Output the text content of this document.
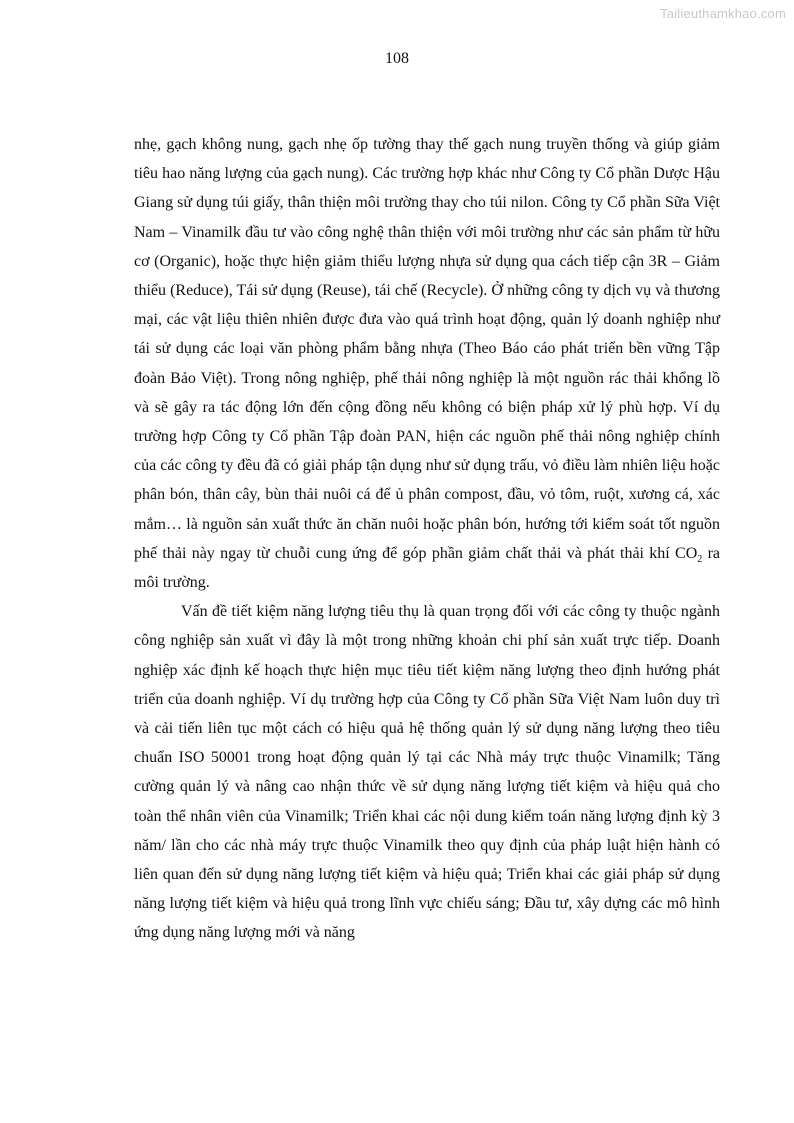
Tailieuthamkhao.com
108

nhẹ, gạch không nung, gạch nhẹ ốp tường thay thế gạch nung truyền thống và giúp giảm tiêu hao năng lượng của gạch nung). Các trường hợp khác như Công ty Cổ phần Dược Hậu Giang sử dụng túi giấy, thân thiện môi trường thay cho túi nilon. Công ty Cổ phần Sữa Việt Nam – Vinamilk đầu tư vào công nghệ thân thiện với môi trường như các sản phẩm từ hữu cơ (Organic), hoặc thực hiện giảm thiểu lượng nhựa sử dụng qua cách tiếp cận 3R – Giảm thiểu (Reduce), Tái sử dụng (Reuse), tái chế (Recycle). Ở những công ty dịch vụ và thương mại, các vật liệu thiên nhiên được đưa vào quá trình hoạt động, quản lý doanh nghiệp như tái sử dụng các loại văn phòng phẩm bằng nhựa (Theo Báo cáo phát triển bền vững Tập đoàn Bảo Việt). Trong nông nghiệp, phế thải nông nghiệp là một nguồn rác thải khổng lồ và sẽ gây ra tác động lớn đến cộng đồng nếu không có biện pháp xử lý phù hợp. Ví dụ trường hợp Công ty Cổ phần Tập đoàn PAN, hiện các nguồn phế thải nông nghiệp chính của các công ty đều đã có giải pháp tận dụng như sử dụng trấu, vỏ điều làm nhiên liệu hoặc phân bón, thân cây, bùn thải nuôi cá để ủ phân compost, đầu, vỏ tôm, ruột, xương cá, xác mắm… là nguồn sản xuất thức ăn chăn nuôi hoặc phân bón, hướng tới kiểm soát tốt nguồn phế thải này ngay từ chuỗi cung ứng để góp phần giảm chất thải và phát thải khí $CO_2$ ra môi trường.

Vấn đề tiết kiệm năng lượng tiêu thụ là quan trọng đối với các công ty thuộc ngành công nghiệp sản xuất vì đây là một trong những khoản chi phí sản xuất trực tiếp. Doanh nghiệp xác định kế hoạch thực hiện mục tiêu tiết kiệm năng lượng theo định hướng phát triển của doanh nghiệp. Ví dụ trường hợp của Công ty Cổ phần Sữa Việt Nam luôn duy trì và cải tiến liên tục một cách có hiệu quả hệ thống quản lý sử dụng năng lượng theo tiêu chuẩn ISO 50001 trong hoạt động quản lý tại các Nhà máy trực thuộc Vinamilk; Tăng cường quản lý và nâng cao nhận thức về sử dụng năng lượng tiết kiệm và hiệu quả cho toàn thể nhân viên của Vinamilk; Triển khai các nội dung kiểm toán năng lượng định kỳ 3 năm/ lần cho các nhà máy trực thuộc Vinamilk theo quy định của pháp luật hiện hành có liên quan đến sử dụng năng lượng tiết kiệm và hiệu quả; Triển khai các giải pháp sử dụng năng lượng tiết kiệm và hiệu quả trong lĩnh vực chiếu sáng; Đầu tư, xây dựng các mô hình ứng dụng năng lượng mới và năng
